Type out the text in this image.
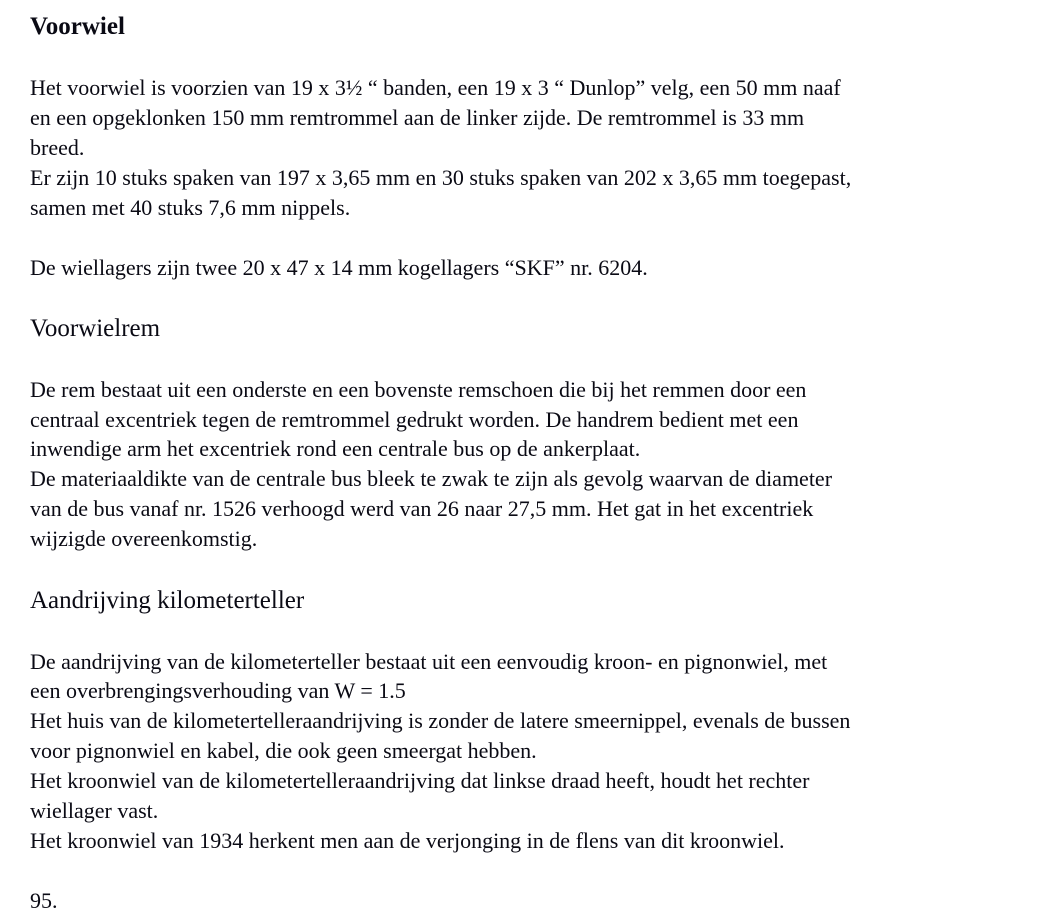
Voorwiel

Het voorwiel is voorzien van 19 x 3½ “ banden, een 19 x 3 “ Dunlop” velg, een 50 mm naaf

en een opgeklonken 150 mm remtrommel aan de linker zijde. De remtrommel is 33 mm

breed.

Er zijn 10 stuks spaken van 197 x 3,65 mm en 30 stuks spaken van 202 x 3,65 mm toegepast,

samen met 40 stuks 7,6 mm nippels.

De wiellagers zijn twee 20 x 47 x 14 mm kogellagers “SKF” nr. 6204.

Voorwielrem

De rem bestaat uit een onderste en een bovenste remschoen die bij het remmen door een

centraal excentriek tegen de remtrommel gedrukt worden. De handrem bedient met een

inwendige arm het excentriek rond een centrale bus op de ankerplaat.

De materiaaldikte van de centrale bus bleek te zwak te zijn als gevolg waarvan de diameter

van de bus vanaf nr. 1526 verhoogd werd van 26 naar 27,5 mm. Het gat in het excentriek

wijzigde overeenkomstig.

Aandrijving kilometerteller

De aandrijving van de kilometerteller bestaat uit een eenvoudig kroon- en pignonwiel, met

een overbrengingsverhouding van W = 1.5

Het huis van de kilometertelleraandrijving is zonder de latere smeernippel, evenals de bussen

voor pignonwiel en kabel, die ook geen smeergat hebben.

Het kroonwiel van de kilometertelleraandrijving dat linkse draad heeft, houdt het rechter

wiellager vast.

Het kroonwiel van 1934 herkent men aan de verjonging in de flens van dit kroonwiel.

95.
